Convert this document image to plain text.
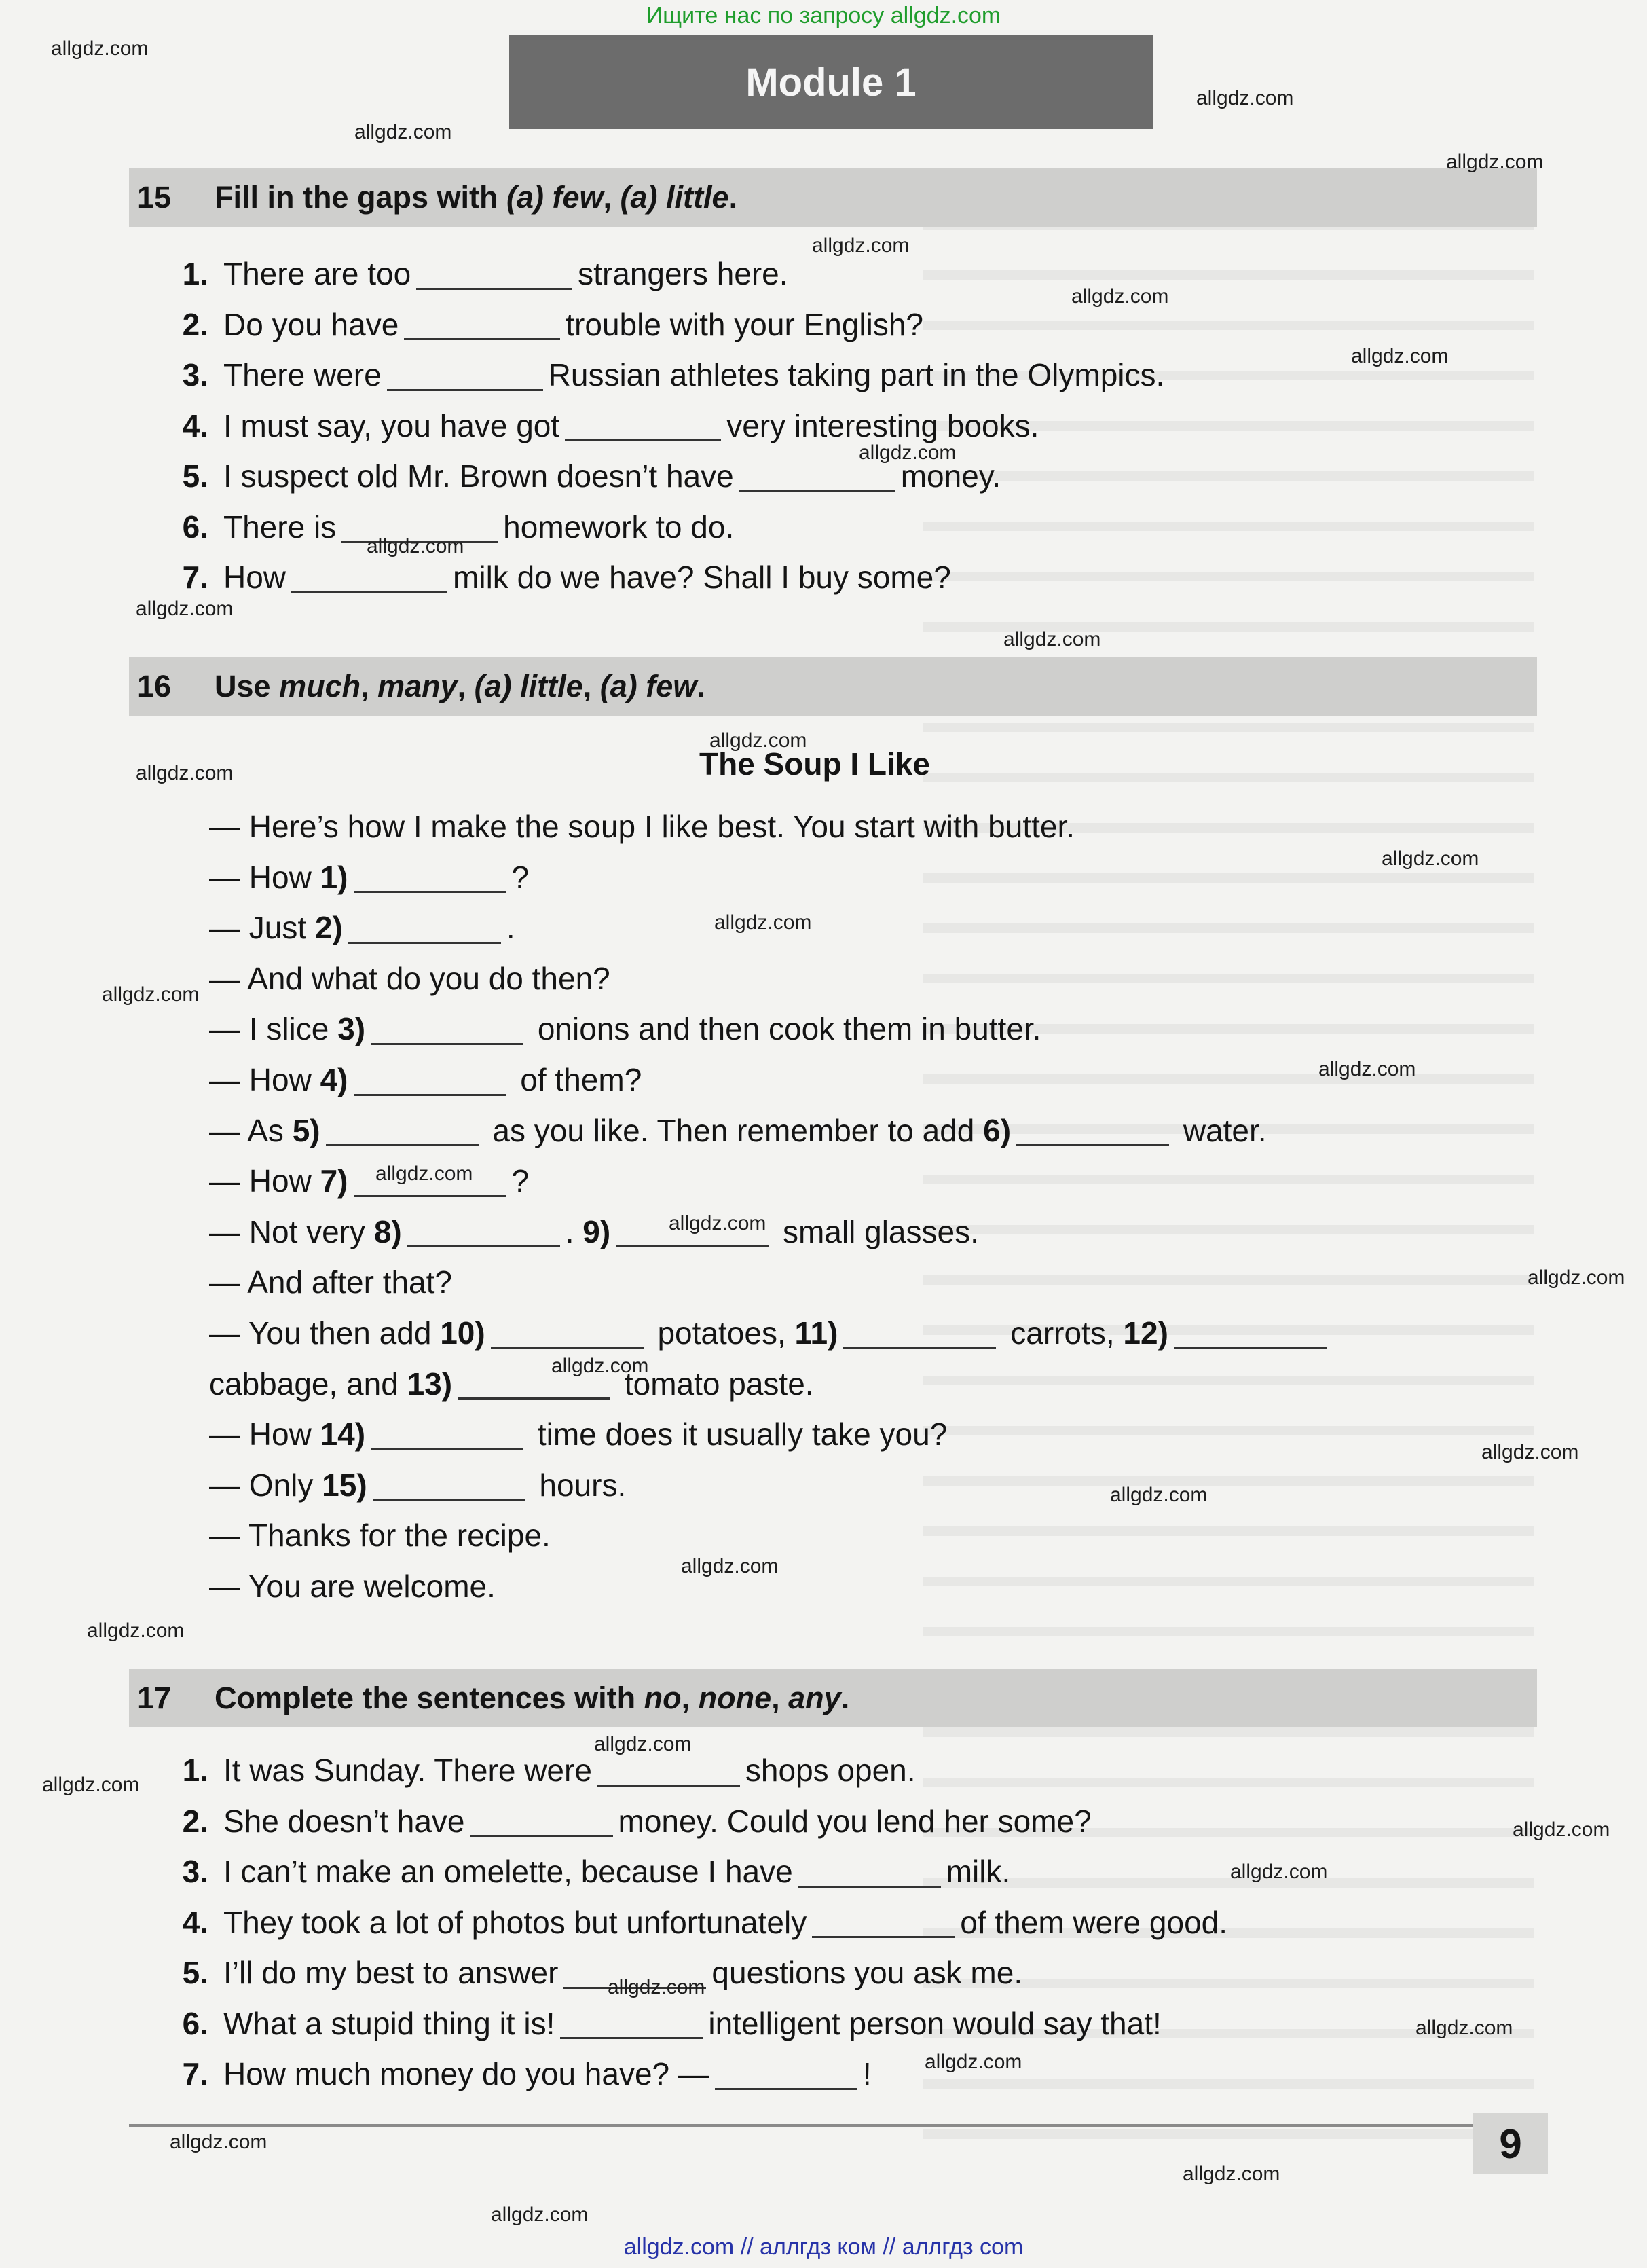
Ищите нас по запросу allgdz.com
Module 1
15	Fill in the gaps with (a) few, (a) little.
1. There are too	strangers here.
2. Do you have	trouble with your English?
3. There were	Russian athletes taking part in the Olympics.
4. I must say, you have got	very interesting books.
5. I suspect old Mr. Brown doesn’t have	money.
6. There is	homework to do.
7. How	milk do we have? Shall I buy some?
16	Use much, many, (a) little, (a) few.
The Soup I Like
— Here’s how I make the soup I like best. You start with butter.
— How 1)	?
— Just 2)	.
— And what do you do then?
— I slice 3)	onions and then cook them in butter.
— How 4)	of them?
— As 5)	as you like. Then remember to add 6)	water.
— How 7)	?
— Not very 8)	. 9)	small glasses.
— And after that?
— You then add 10)	potatoes, 11)	carrots, 12)
cabbage, and 13)	tomato paste.
— How 14)	time does it usually take you?
— Only 15)	hours.
— Thanks for the recipe.
— You are welcome.
17	Complete the sentences with no, none, any.
1. It was Sunday. There were	shops open.
2. She doesn’t have	money. Could you lend her some?
3. I can’t make an omelette, because I have	milk.
4. They took a lot of photos but unfortunately	of them were good.
5. I’ll do my best to answer	questions you ask me.
6. What a stupid thing it is!	intelligent person would say that!
7. How much money do you have? —	!
9
allgdz.com
allgdz.com
allgdz.com
allgdz.com
allgdz.com
allgdz.com
allgdz.com
allgdz.com
allgdz.com
allgdz.com
allgdz.com
allgdz.com
allgdz.com
allgdz.com
allgdz.com
allgdz.com
allgdz.com
allgdz.com
allgdz.com
allgdz.com
allgdz.com
allgdz.com
allgdz.com
allgdz.com
allgdz.com
allgdz.com
allgdz.com
allgdz.com
allgdz.com
allgdz.com
allgdz.com
allgdz.com
allgdz.com
allgdz.com
allgdz.com
allgdz.com // аллгдз ком // аллгдз com
